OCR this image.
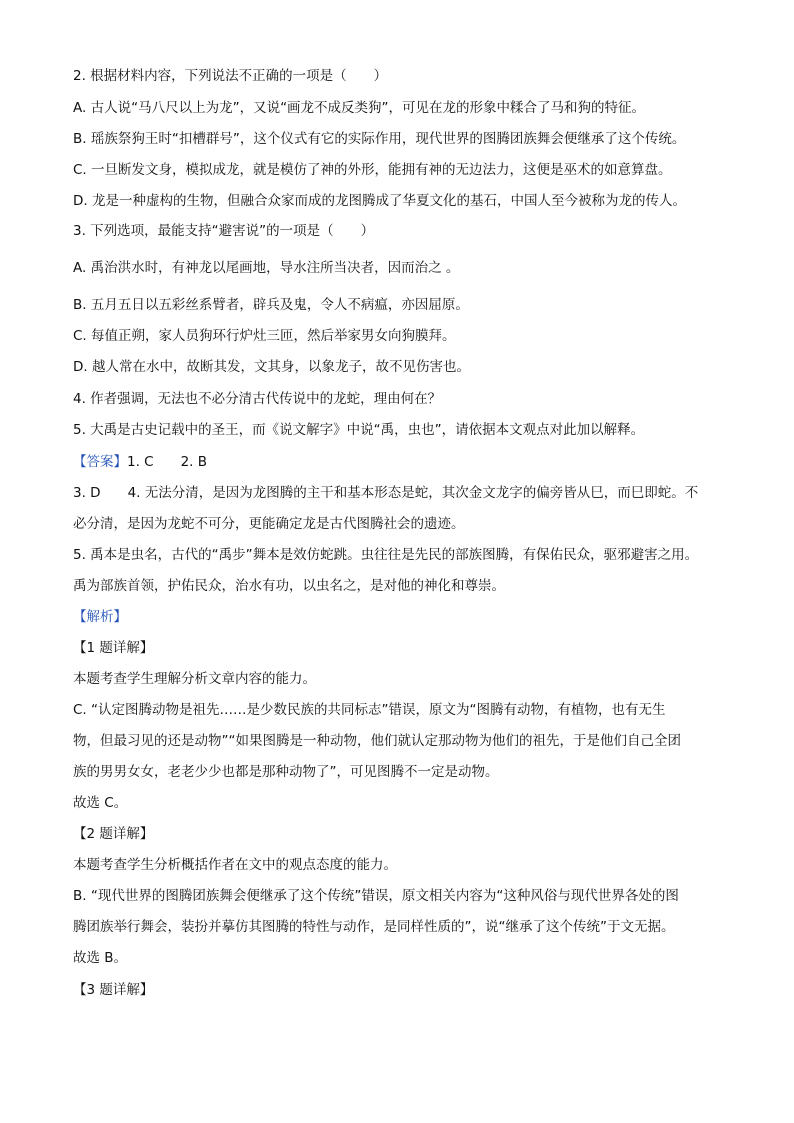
2. 根据材料内容，下列说法不正确的一项是（　　）
A. 古人说“马八尺以上为龙”，又说“画龙不成反类狗”，可见在龙的形象中糅合了马和狗的特征。
B. 瑶族祭狗王时“扣槽群号”，这个仪式有它的实际作用，现代世界的图腾团族舞会便继承了这个传统。
C. 一旦断发文身，模拟成龙，就是模仿了神的外形，能拥有神的无边法力，这便是巫术的如意算盘。
D. 龙是一种虚构的生物，但融合众家而成的龙图腾成了华夏文化的基石，中国人至今被称为龙的传人。
3. 下列选项，最能支持“避害说”的一项是（　　）
A. 禹治洪水时，有神龙以尾画地，导水注所当决者，因而治之 。
B. 五月五日以五彩丝系臂者，辟兵及鬼，令人不病瘟，亦因屈原。
C. 每值正朔，家人员狗环行炉灶三匝，然后举家男女向狗膜拜。
D. 越人常在水中，故断其发，文其身，以象龙子，故不见伤害也。
4. 作者强调，无法也不必分清古代传说中的龙蛇，理由何在？
5. 大禹是古史记载中的圣王，而《说文解字》中说“禹，虫也”，请依据本文观点对此加以解释。
【答案】1. C　　2. B
3. D　　4. 无法分清，是因为龙图腾的主干和基本形态是蛇，其次金文龙字的偏旁皆从巳，而巳即蛇。不
必分清，是因为龙蛇不可分，更能确定龙是古代图腾社会的遗迹。
5. 禹本是虫名，古代的“禹步”舞本是效仿蛇跳。虫往往是先民的部族图腾，有保佑民众，驱邪避害之用。
禹为部族首领，护佑民众，治水有功，以虫名之，是对他的神化和尊崇。
【解析】
【1 题详解】
本题考查学生理解分析文章内容的能力。
C. “认定图腾动物是祖先……是少数民族的共同标志”错误，原文为“图腾有动物，有植物，也有无生
物，但最习见的还是动物”“如果图腾是一种动物，他们就认定那动物为他们的祖先，于是他们自己全团
族的男男女女，老老少少也都是那种动物了”，可见图腾不一定是动物。
故选 C。
【2 题详解】
本题考查学生分析概括作者在文中的观点态度的能力。
B. “现代世界的图腾团族舞会便继承了这个传统”错误，原文相关内容为“这种风俗与现代世界各处的图
腾团族举行舞会，装扮并摹仿其图腾的特性与动作，是同样性质的”，说“继承了这个传统”于文无据。
故选 B。
【3 题详解】
